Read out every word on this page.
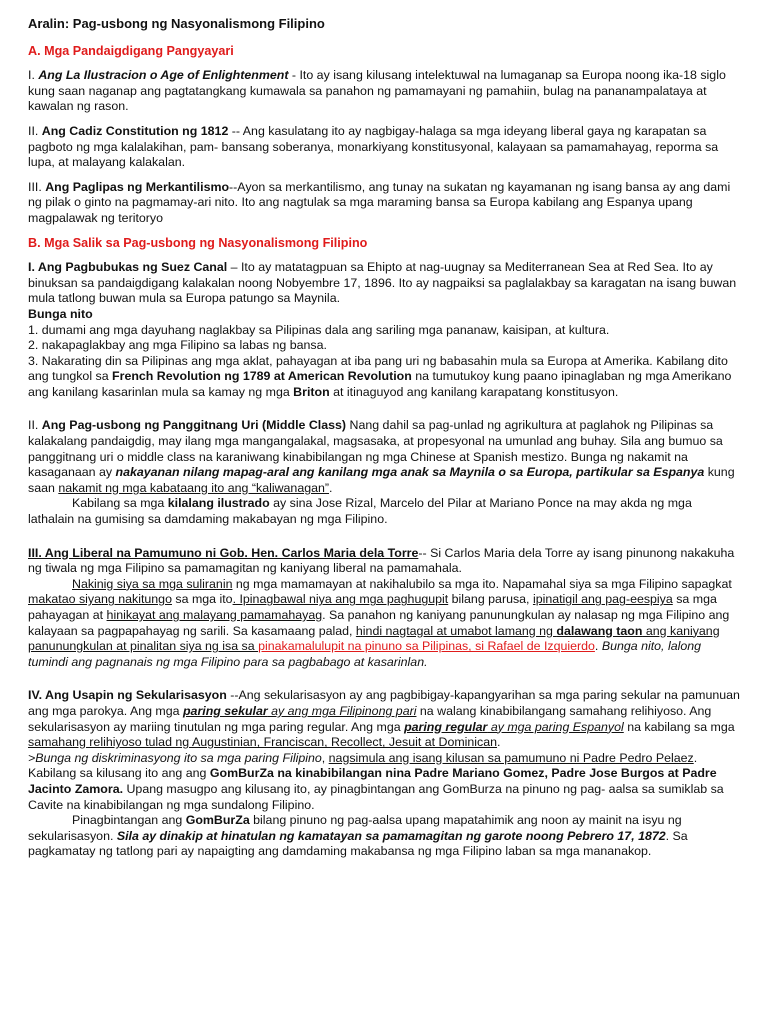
Aralin: Pag-usbong ng Nasyonalismong Filipino

A. Mga Pandaigdigang Pangyayari

I. Ang La Ilustracion o Age of Enlightenment - Ito ay isang kilusang intelektuwal na lumaganap sa Europa noong ika-18 siglo kung saan naganap ang pagtatangkang kumawala sa panahon ng pamamayani ng pamahiin, bulag na pananampalataya at kawalan ng rason.

II. Ang Cadiz Constitution ng 1812 -- Ang kasulatang ito ay nagbigay-halaga sa mga ideyang liberal gaya ng karapatan sa pagboto ng mga kalalakihan, pam- bansang soberanya, monarkiyang konstitusyonal, kalayaan sa pamamahayag, reporma sa lupa, at malayang kalakalan.

III. Ang Paglipas ng Merkantilismo--Ayon sa merkantilismo, ang tunay na sukatan ng kayamanan ng isang bansa ay ang dami ng pilak o ginto na pagmamay-ari nito. Ito ang nagtulak sa mga maraming bansa sa Europa kabilang ang Espanya upang magpalawak ng teritoryo

B. Mga Salik sa Pag-usbong ng Nasyonalismong Filipino

I. Ang Pagbubukas ng Suez Canal – Ito ay matatagpuan sa Ehipto at nag-uugnay sa Mediterranean Sea at Red Sea. Ito ay binuksan sa pandaigdigang kalakalan noong Nobyembre 17, 1896. Ito ay nagpaiksi sa paglalakbay sa karagatan na isang buwan mula tatlong buwan mula sa Europa patungo sa Maynila.

Bunga nito

1. dumami ang mga dayuhang naglakbay sa Pilipinas dala ang sariling mga pananaw, kaisipan, at kultura.

2. nakapaglakbay ang mga Filipino sa labas ng bansa.

3. Nakarating din sa Pilipinas ang mga aklat, pahayagan at iba pang uri ng babasahin mula sa Europa at Amerika. Kabilang dito ang tungkol sa French Revolution ng 1789 at American Revolution na tumutukoy kung paano ipinaglaban ng mga Amerikano ang kanilang kasarinlan mula sa kamay ng mga Briton at itinaguyod ang kanilang karapatang konstitusyon.

II. Ang Pag-usbong ng Panggitnang Uri (Middle Class) Nang dahil sa pag-unlad ng agrikultura at paglahok ng Pilipinas sa kalakalang pandaigdig, may ilang mga mangangalakal, magsasaka, at propesyonal na umunlad ang buhay. Sila ang bumuo sa panggitnang uri o middle class na karaniwang kinabibilangan ng mga Chinese at Spanish mestizo. Bunga ng nakamit na kasaganaan ay nakayanan nilang mapag-aral ang kanilang mga anak sa Maynila o sa Europa, partikular sa Espanya kung saan nakamit ng mga kabataang ito ang “kaliwanagan”.

Kabilang sa mga kilalang ilustrado ay sina Jose Rizal, Marcelo del Pilar at Mariano Ponce na may akda ng mga lathalain na gumising sa damdaming makabayan ng mga Filipino.

III. Ang Liberal na Pamumuno ni Gob. Hen. Carlos Maria dela Torre-- Si Carlos Maria dela Torre ay isang pinunong nakakuha ng tiwala ng mga Filipino sa pamamagitan ng kaniyang liberal na pamamahala.

Nakinig siya sa mga suliranin ng mga mamamayan at nakihalubilo sa mga ito. Napamahal siya sa mga Filipino sapagkat makatao siyang nakitungo sa mga ito. Ipinagbawal niya ang mga paghugupit bilang parusa, ipinatigil ang pag-eespiya sa mga pahayagan at hinikayat ang malayang pamamahayag. Sa panahon ng kaniyang panunungkulan ay nalasap ng mga Filipino ang kalayaan sa pagpapahayag ng sarili. Sa kasamaang palad, hindi nagtagal at umabot lamang ng dalawang taon ang kaniyang panunungkulan at pinalitan siya ng isa sa pinakamalulupit na pinuno sa Pilipinas, si Rafael de Izquierdo. Bunga nito, lalong tumindi ang pagnanais ng mga Filipino para sa pagbabago at kasarinlan.

IV. Ang Usapin ng Sekularisasyon --Ang sekularisasyon ay ang pagbibigay-kapangyarihan sa mga paring sekular na pamunuan ang mga parokya. Ang mga paring sekular ay ang mga Filipinong pari na walang kinabibilangang samahang relihiyoso. Ang sekularisasyon ay mariing tinutulan ng mga paring regular. Ang mga paring regular ay mga paring Espanyol na kabilang sa mga samahang relihiyoso tulad ng Augustinian, Franciscan, Recollect, Jesuit at Dominican.

>Bunga ng diskriminasyong ito sa mga paring Filipino, nagsimula ang isang kilusan sa pamumuno ni Padre Pedro Pelaez.

Kabilang sa kilusang ito ang ang GomBurZa na kinabibilangan nina Padre Mariano Gomez, Padre Jose Burgos at Padre Jacinto Zamora. Upang masugpo ang kilusang ito, ay pinagbintangan ang GomBurza na pinuno ng pag- aalsa sa sumiklab sa Cavite na kinabibilangan ng mga sundalong Filipino.

Pinagbintangan ang GomBurZa bilang pinuno ng pag-aalsa upang mapatahimik ang noon ay mainit na isyu ng sekularisasyon. Sila ay dinakip at hinatulan ng kamatayan sa pamamagitan ng garote noong Pebrero 17, 1872. Sa pagkamatay ng tatlong pari ay napaigting ang damdaming makabansa ng mga Filipino laban sa mga mananakop.
